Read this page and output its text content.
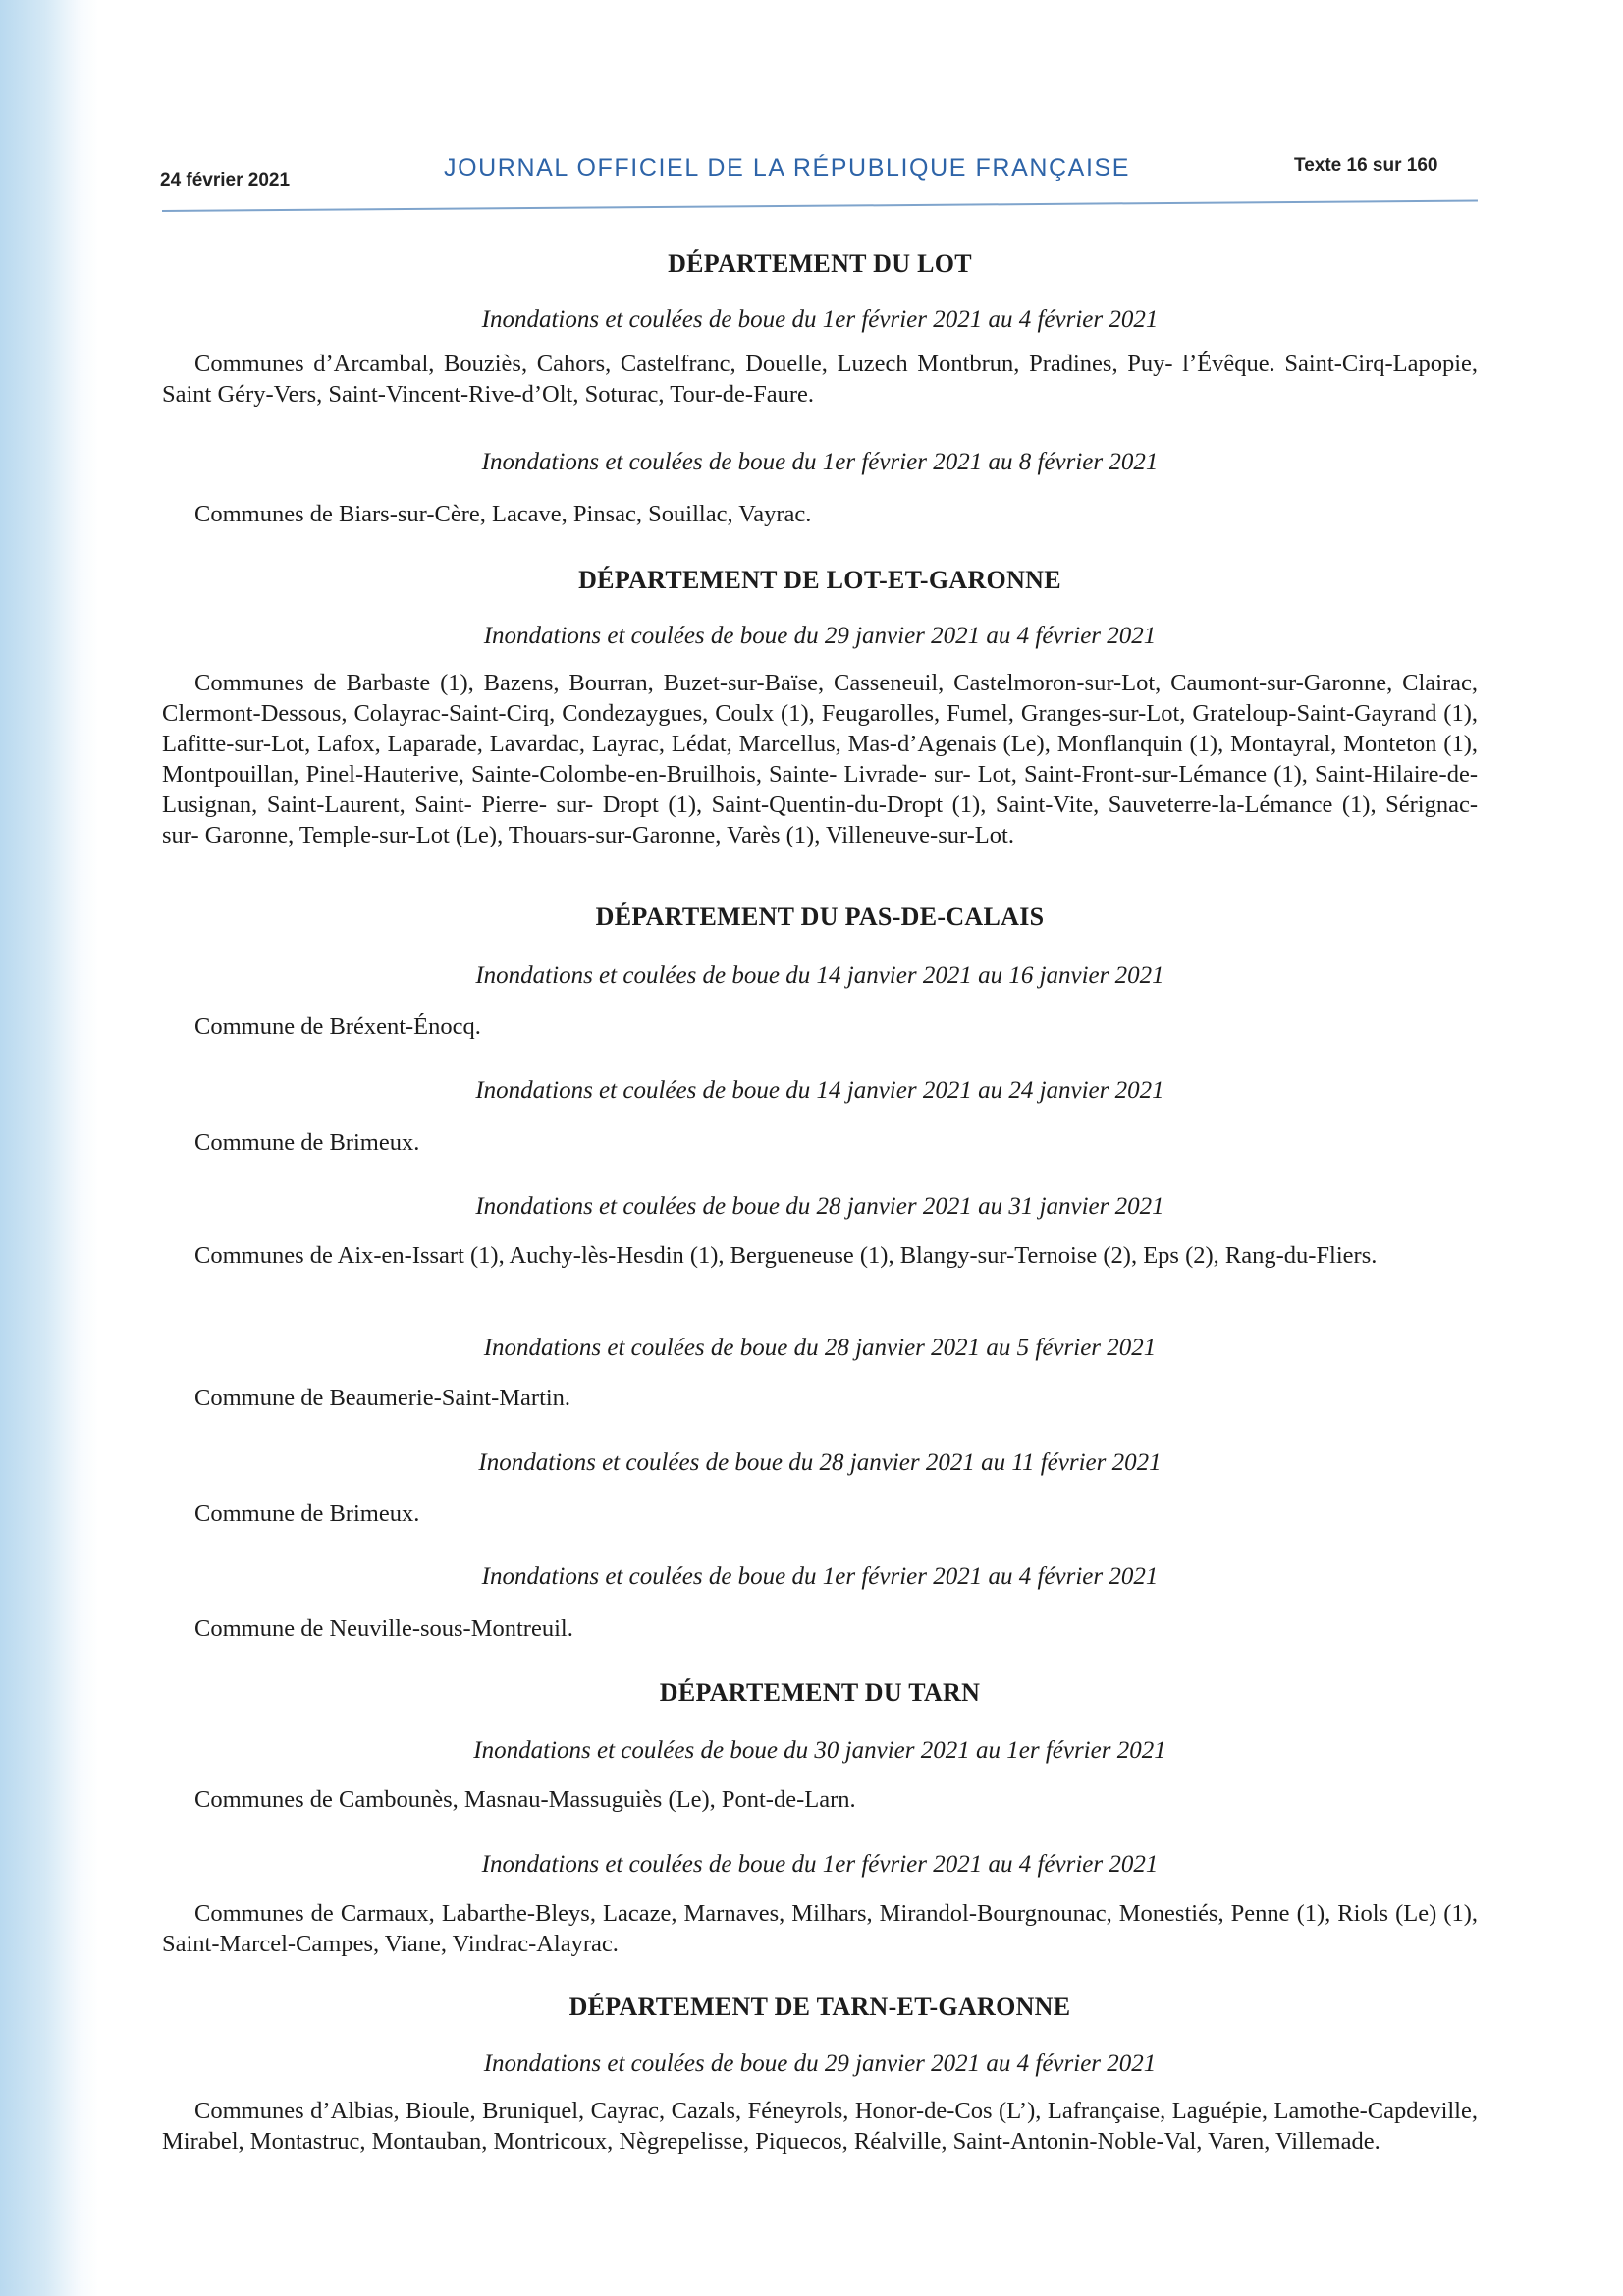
24 février 2021	JOURNAL OFFICIEL DE LA RÉPUBLIQUE FRANÇAISE	Texte 16 sur 160
DÉPARTEMENT DU LOT
Inondations et coulées de boue du 1er février 2021 au 4 février 2021
Communes d’Arcambal, Bouziès, Cahors, Castelfranc, Douelle, Luzech Montbrun, Pradines, Puy- l’Évêque. Saint-Cirq-Lapopie, Saint Géry-Vers, Saint-Vincent-Rive-d’Olt, Soturac, Tour-de-Faure.
Inondations et coulées de boue du 1er février 2021 au 8 février 2021
Communes de Biars-sur-Cère, Lacave, Pinsac, Souillac, Vayrac.
DÉPARTEMENT DE LOT-ET-GARONNE
Inondations et coulées de boue du 29 janvier 2021 au 4 février 2021
Communes de Barbaste (1), Bazens, Bourran, Buzet-sur-Baïse, Casseneuil, Castelmoron-sur-Lot, Caumont-sur-Garonne, Clairac, Clermont-Dessous, Colayrac-Saint-Cirq, Condezaygues, Coulx (1), Feugarolles, Fumel, Granges-sur-Lot, Grateloup-Saint-Gayrand (1), Lafitte-sur-Lot, Lafox, Laparade, Lavardac, Layrac, Lédat, Marcellus, Mas-d’Agenais (Le), Monflanquin (1), Montayral, Monteton (1), Montpouillan, Pinel-Hauterive, Sainte-Colombe-en-Bruilhois, Sainte- Livrade- sur- Lot, Saint-Front-sur-Lémance (1), Saint-Hilaire-de-Lusignan, Saint-Laurent, Saint- Pierre- sur- Dropt (1), Saint-Quentin-du-Dropt (1), Saint-Vite, Sauveterre-la-Lémance (1), Sérignac- sur- Garonne, Temple-sur-Lot (Le), Thouars-sur-Garonne, Varès (1), Villeneuve-sur-Lot.
DÉPARTEMENT DU PAS-DE-CALAIS
Inondations et coulées de boue du 14 janvier 2021 au 16 janvier 2021
Commune de Bréxent-Énocq.
Inondations et coulées de boue du 14 janvier 2021 au 24 janvier 2021
Commune de Brimeux.
Inondations et coulées de boue du 28 janvier 2021 au 31 janvier 2021
Communes de Aix-en-Issart (1), Auchy-lès-Hesdin (1), Bergueneuse (1), Blangy-sur-Ternoise (2), Eps (2), Rang-du-Fliers.
Inondations et coulées de boue du 28 janvier 2021 au 5 février 2021
Commune de Beaumerie-Saint-Martin.
Inondations et coulées de boue du 28 janvier 2021 au 11 février 2021
Commune de Brimeux.
Inondations et coulées de boue du 1er février 2021 au 4 février 2021
Commune de Neuville-sous-Montreuil.
DÉPARTEMENT DU TARN
Inondations et coulées de boue du 30 janvier 2021 au 1er février 2021
Communes de Cambounès, Masnau-Massuguiès (Le), Pont-de-Larn.
Inondations et coulées de boue du 1er février 2021 au 4 février 2021
Communes de Carmaux, Labarthe-Bleys, Lacaze, Marnaves, Milhars, Mirandol-Bourgnounac, Monestiés, Penne (1), Riols (Le) (1), Saint-Marcel-Campes, Viane, Vindrac-Alayrac.
DÉPARTEMENT DE TARN-ET-GARONNE
Inondations et coulées de boue du 29 janvier 2021 au 4 février 2021
Communes d’Albias, Bioule, Bruniquel, Cayrac, Cazals, Féneyrols, Honor-de-Cos (L’), Lafrançaise, Laguépie, Lamothe-Capdeville, Mirabel, Montastruc, Montauban, Montricoux, Nègrepelisse, Piquecos, Réalville, Saint-Antonin-Noble-Val, Varen, Villemade.
